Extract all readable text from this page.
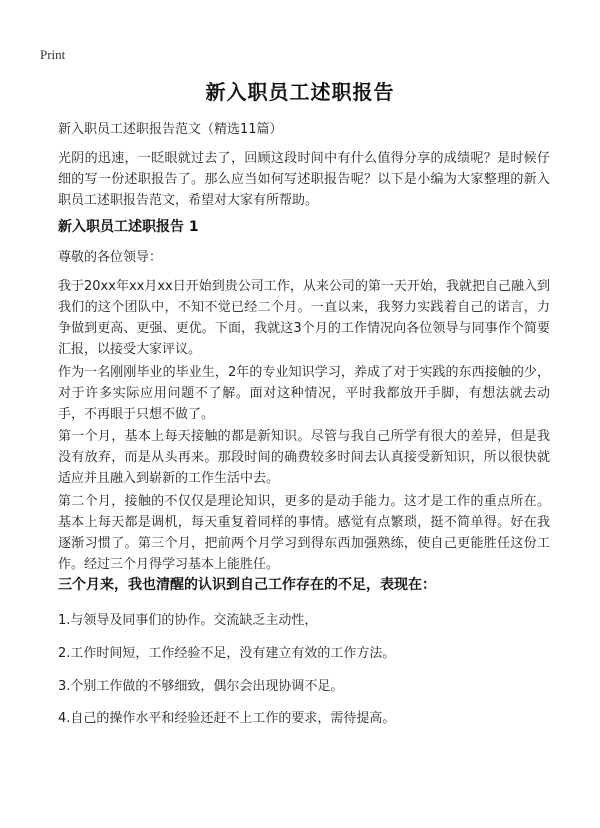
Print
新入职员工述职报告
新入职员工述职报告范文（精选11篇）

光阴的迅速，一眨眼就过去了，回顾这段时间中有什么值得分享的成绩呢？是时候仔细的写一份述职报告了。那么应当如何写述职报告呢？以下是小编为大家整理的新入职员工述职报告范文，希望对大家有所帮助。

新入职员工述职报告 1
尊敬的各位领导：

我于20xx年xx月xx日开始到贵公司工作，从来公司的第一天开始，我就把自己融入到我们的这个团队中，不知不觉已经二个月。一直以来，我努力实践着自己的诺言，力争做到更高、更强、更优。下面，我就这3个月的工作情况向各位领导与同事作个简要汇报，以接受大家评议。

作为一名刚刚毕业的毕业生，2年的专业知识学习，养成了对于实践的东西接触的少，对于许多实际应用问题不了解。面对这种情况，平时我都放开手脚，有想法就去动手，不再眼于只想不做了。

第一个月，基本上每天接触的都是新知识。尽管与我自己所学有很大的差异，但是我没有放弃，而是从头再来。那段时间的确费较多时间去认真接受新知识，所以很快就适应并且融入到崭新的工作生活中去。

第二个月，接触的不仅仅是理论知识，更多的是动手能力。这才是工作的重点所在。基本上每天都是调机，每天重复着同样的事情。感觉有点繁琐，挺不简单得。好在我逐渐习惯了。第三个月，把前两个月学习到得东西加强熟练，使自己更能胜任这份工作。经过三个月得学习基本上能胜任。

三个月来，我也清醒的认识到自己工作存在的不足，表现在：
1.与领导及同事们的协作。交流缺乏主动性，
2.工作时间短，工作经验不足，没有建立有效的工作方法。
3.个别工作做的不够细致，偶尔会出现协调不足。
4.自己的操作水平和经验还赶不上工作的要求，需待提高。
